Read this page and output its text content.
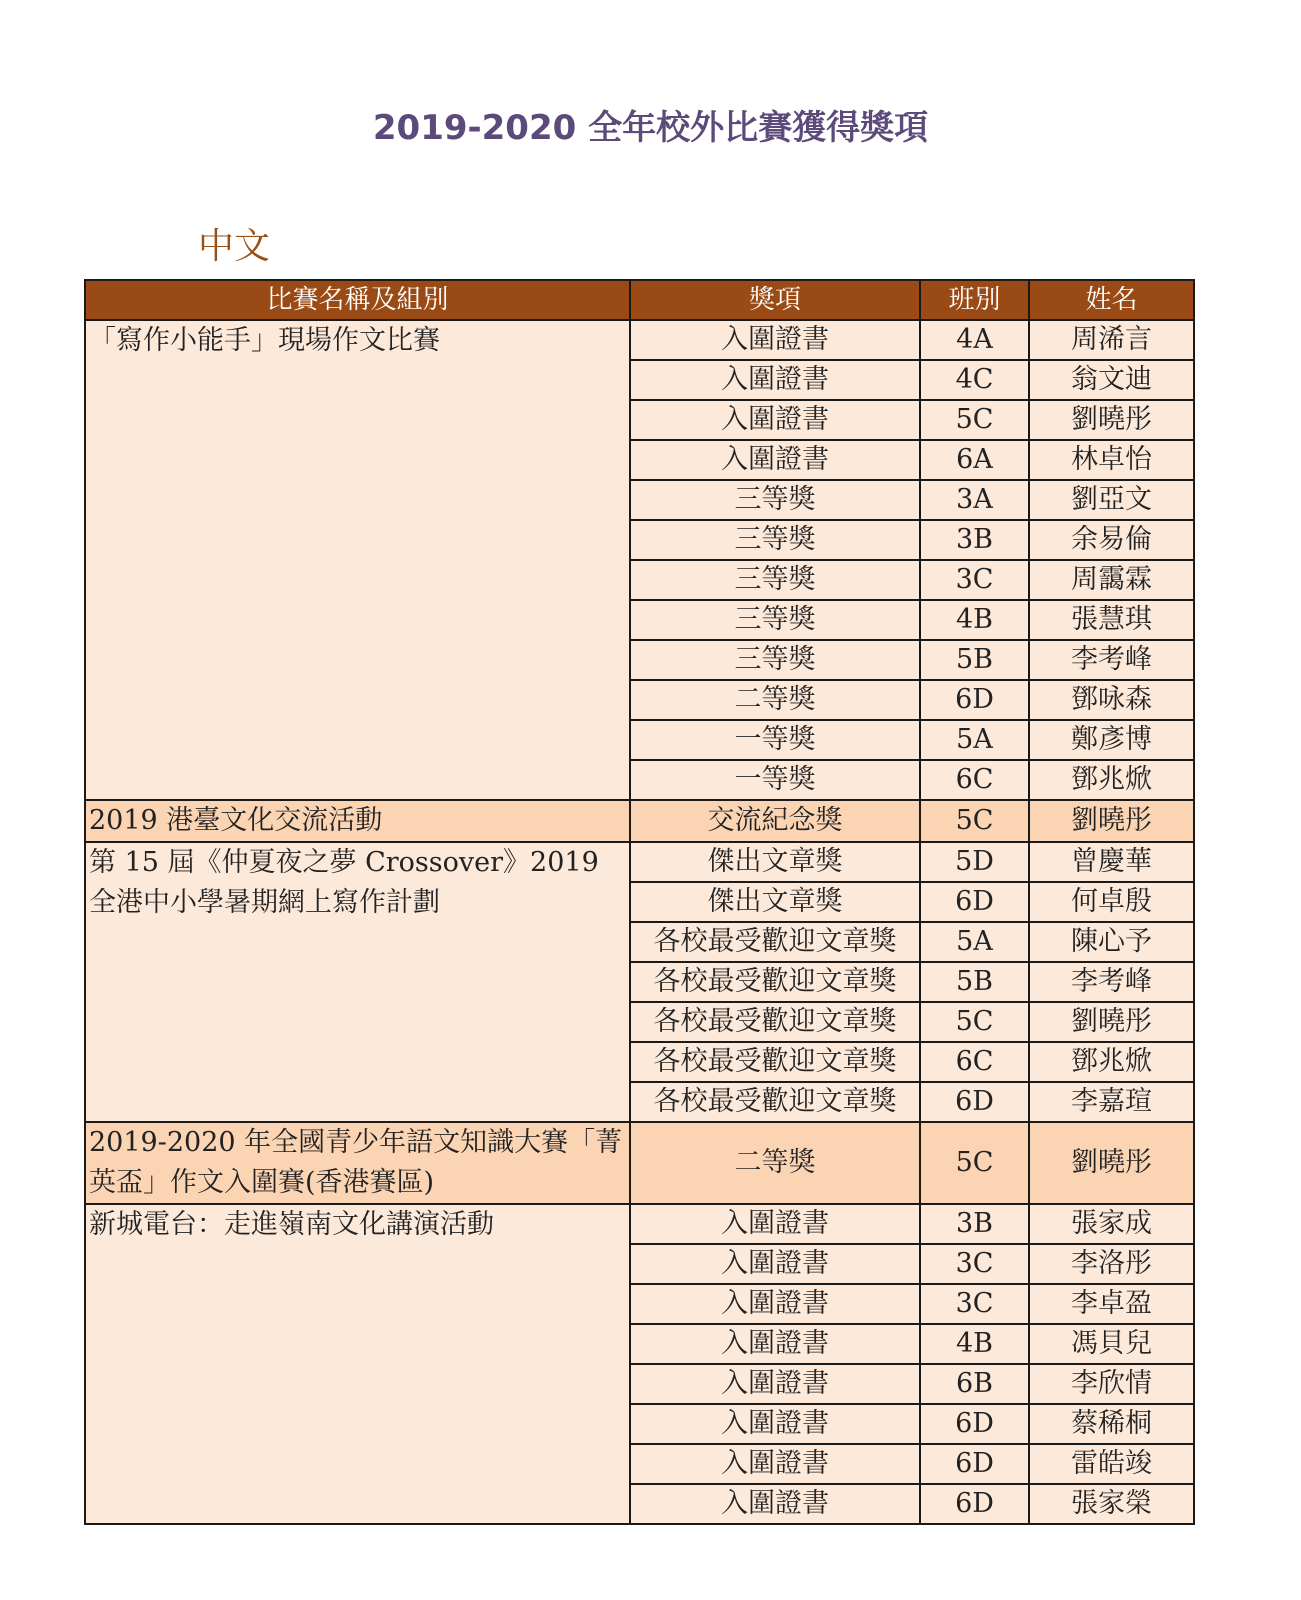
2019-2020 全年校外比賽獲得獎項
中文
比賽名稱及組別	獎項	班別	姓名
「寫作小能手」現場作文比賽	入圍證書	4A	周浠言
	入圍證書	4C	翁文迪
	入圍證書	5C	劉曉彤
	入圍證書	6A	林卓怡
	三等獎	3A	劉亞文
	三等獎	3B	余易倫
	三等獎	3C	周靄霖
	三等獎	4B	張慧琪
	三等獎	5B	李考峰
	二等獎	6D	鄧咏森
	一等獎	5A	鄭彥博
	一等獎	6C	鄧兆焮
2019 港臺文化交流活動	交流紀念獎	5C	劉曉彤
第 15 屆《仲夏夜之夢 Crossover》2019 全港中小學暑期網上寫作計劃	傑出文章獎	5D	曾慶華
	傑出文章獎	6D	何卓殷
	各校最受歡迎文章獎	5A	陳心予
	各校最受歡迎文章獎	5B	李考峰
	各校最受歡迎文章獎	5C	劉曉彤
	各校最受歡迎文章獎	6C	鄧兆焮
	各校最受歡迎文章獎	6D	李嘉瑄
2019-2020 年全國青少年語文知識大賽「菁英盃」作文入圍賽(香港賽區)	二等獎	5C	劉曉彤
新城電台：走進嶺南文化講演活動	入圍證書	3B	張家成
	入圍證書	3C	李洛彤
	入圍證書	3C	李卓盈
	入圍證書	4B	馮貝兒
	入圍證書	6B	李欣情
	入圍證書	6D	蔡稀桐
	入圍證書	6D	雷皓竣
	入圍證書	6D	張家榮
